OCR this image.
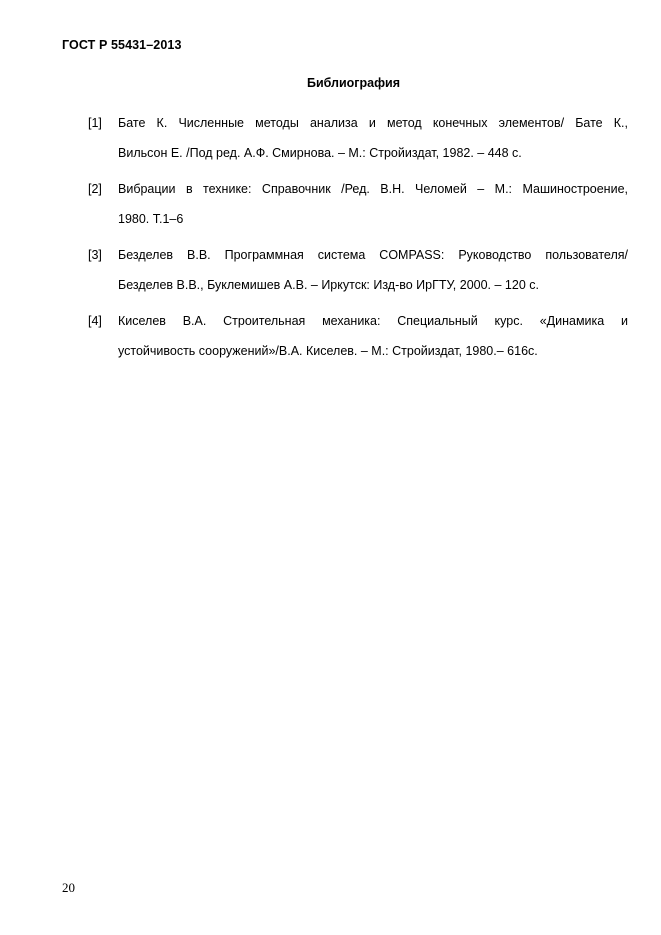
ГОСТ Р 55431–2013
Библиография
[1] Бате К. Численные методы анализа и метод конечных элементов/ Бате К.,
Вильсон Е. /Под ред. А.Ф. Смирнова. – М.: Стройиздат, 1982. – 448 с.
[2] Вибрации в технике: Справочник /Ред. В.Н. Челомей – М.: Машиностроение,
1980. Т.1–6
[3] Безделев В.В. Программная система COMPASS: Руководство пользователя/
Безделев В.В., Буклемишев А.В. – Иркутск: Изд-во ИрГТУ, 2000. – 120 с.
[4] Киселев В.А. Строительная механика: Специальный курс. «Динамика и
устойчивость сооружений»/В.А. Киселев. – М.: Стройиздат, 1980.– 616с.
20
